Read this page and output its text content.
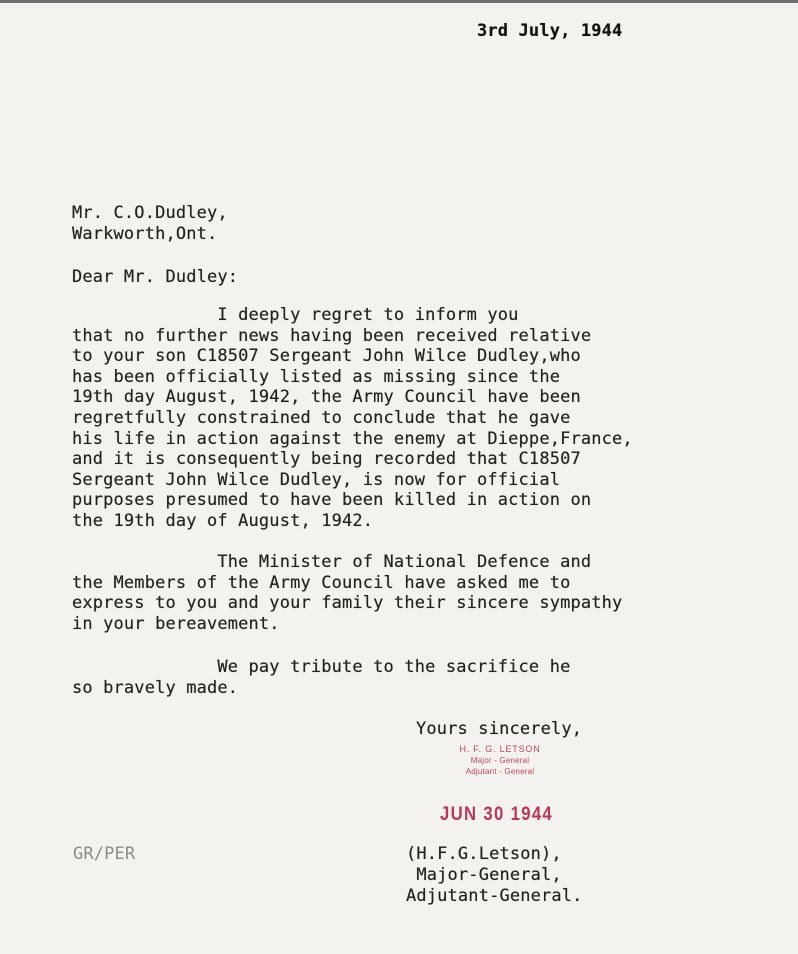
3rd July, 1944
Mr. C.O.Dudley,
Warkworth,Ont.
Dear Mr. Dudley:
I deeply regret to inform you
that no further news having been received relative
to your son C18507 Sergeant John Wilce Dudley,who
has been officially listed as missing since the
19th day August, 1942, the Army Council have been
regretfully constrained to conclude that he gave
his life in action against the enemy at Dieppe,France,
and it is consequently being recorded that C18507
Sergeant John Wilce Dudley, is now for official
purposes presumed to have been killed in action on
the 19th day of August, 1942.
The Minister of National Defence and
the Members of the Army Council have asked me to
express to you and your family their sincere sympathy
in your bereavement.
We pay tribute to the sacrifice he
so bravely made.
Yours sincerely,
H. F. G. LETSON
Major - General
Adjutant - General
JUN 30 1944
GR/PER	(H.F.G.Letson),
Major-General,
Adjutant-General.
